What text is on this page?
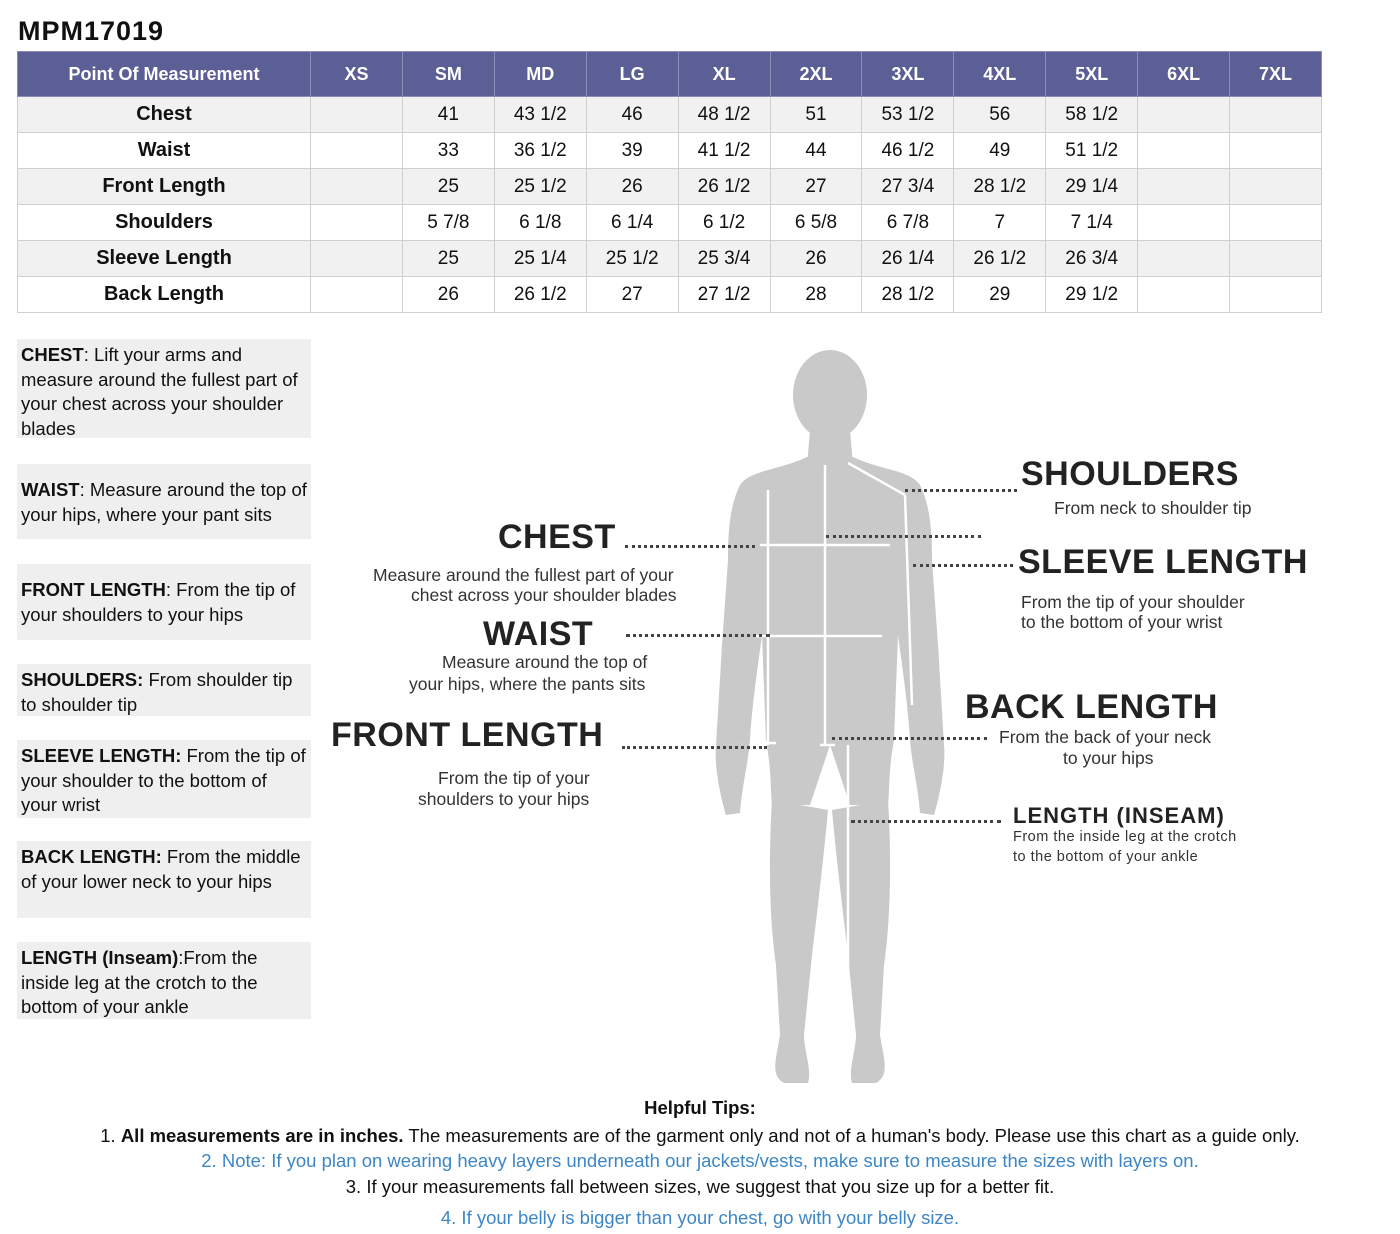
MPM17019
Point Of Measurement	XS	SM	MD	LG	XL	2XL	3XL	4XL	5XL	6XL	7XL
Chest		41	43 1/2	46	48 1/2	51	53 1/2	56	58 1/2		
Waist		33	36 1/2	39	41 1/2	44	46 1/2	49	51 1/2		
Front Length		25	25 1/2	26	26 1/2	27	27 3/4	28 1/2	29 1/4		
Shoulders		5 7/8	6 1/8	6 1/4	6 1/2	6 5/8	6 7/8	7	7 1/4		
Sleeve Length		25	25 1/4	25 1/2	25 3/4	26	26 1/4	26 1/2	26 3/4		
Back Length		26	26 1/2	27	27 1/2	28	28 1/2	29	29 1/2		
CHEST: Lift your arms and measure around the fullest part of your chest across your shoulder blades
WAIST: Measure around the top of your hips, where your pant sits
FRONT LENGTH: From the tip of your shoulders to your hips
SHOULDERS: From shoulder tip to shoulder tip
SLEEVE LENGTH: From the tip of your shoulder to the bottom of your wrist
BACK LENGTH: From the middle of your lower neck to your hips
LENGTH (Inseam):From the inside leg at the crotch to the bottom of your ankle
SHOULDERS
From neck to shoulder tip
CHEST
Measure around the fullest part of your
chest across your shoulder blades
SLEEVE LENGTH
From the tip of your shoulder
to the bottom of your wrist
WAIST
Measure around the top of
your hips, where the pants sits
FRONT LENGTH
From the tip of your
shoulders to your hips
BACK LENGTH
From the back of your neck
to your hips
LENGTH (INSEAM)
From the inside leg at the crotch
to the bottom of your ankle
Helpful Tips:
1. All measurements are in inches. The measurements are of the garment only and not of a human's body. Please use this chart as a guide only.
2. Note: If you plan on wearing heavy layers underneath our jackets/vests, make sure to measure the sizes with layers on.
3. If your measurements fall between sizes, we suggest that you size up for a better fit.
4. If your belly is bigger than your chest, go with your belly size.
